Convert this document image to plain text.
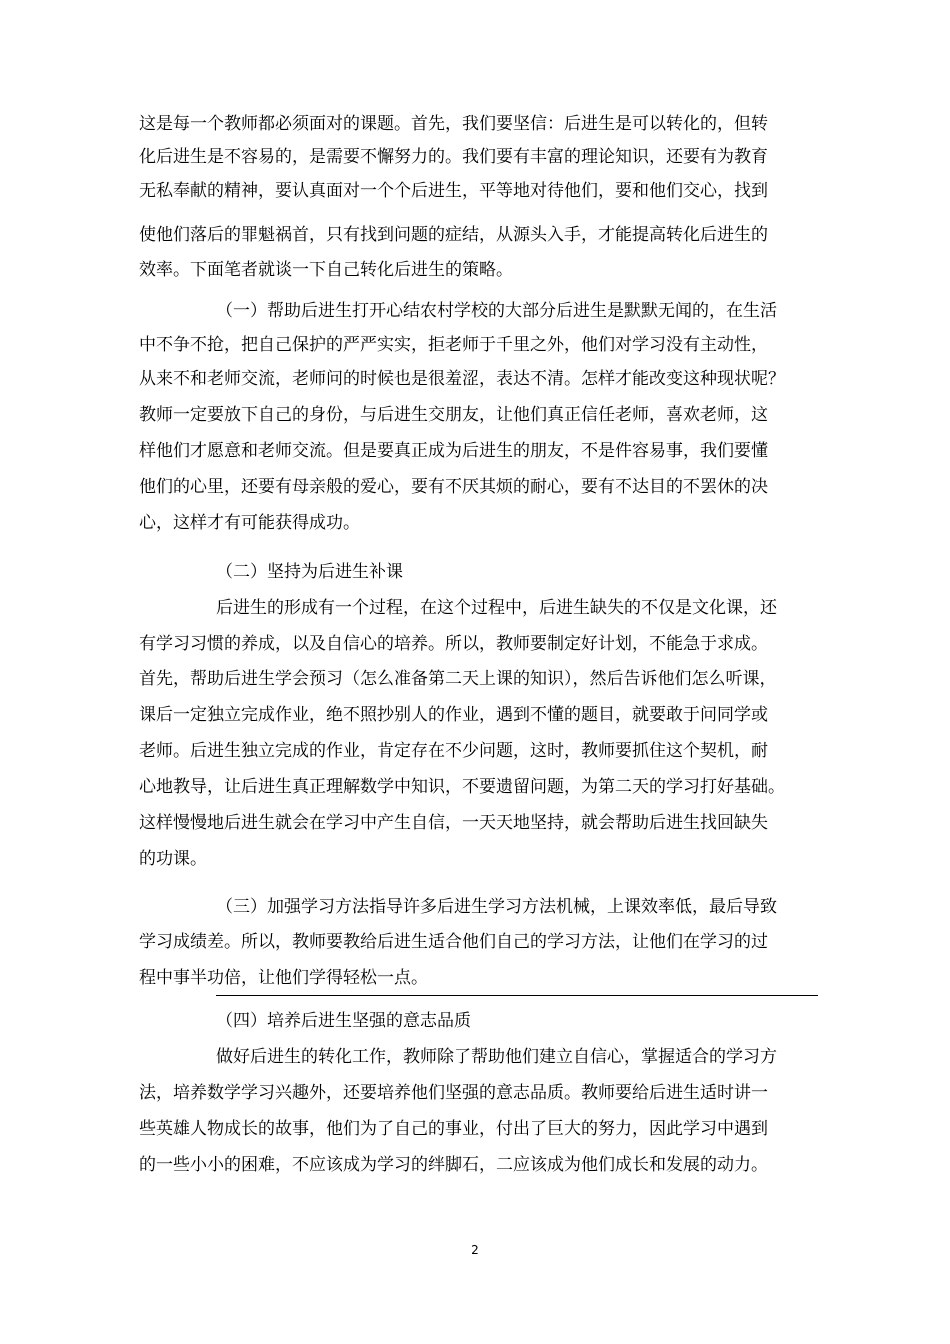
这是每一个教师都必须面对的课题。首先，我们要坚信：后进生是可以转化的，但转
化后进生是不容易的，是需要不懈努力的。我们要有丰富的理论知识，还要有为教育
无私奉献的精神，要认真面对一个个后进生，平等地对待他们，要和他们交心，找到
使他们落后的罪魁祸首，只有找到问题的症结，从源头入手，才能提高转化后进生的
效率。下面笔者就谈一下自己转化后进生的策略。
（一）帮助后进生打开心结农村学校的大部分后进生是默默无闻的，在生活
中不争不抢，把自己保护的严严实实，拒老师于千里之外，他们对学习没有主动性，
从来不和老师交流，老师问的时候也是很羞涩，表达不清。怎样才能改变这种现状呢？
教师一定要放下自己的身份，与后进生交朋友，让他们真正信任老师，喜欢老师，这
样他们才愿意和老师交流。但是要真正成为后进生的朋友，不是件容易事，我们要懂
他们的心里，还要有母亲般的爱心，要有不厌其烦的耐心，要有不达目的不罢休的决
心，这样才有可能获得成功。
（二）坚持为后进生补课
后进生的形成有一个过程，在这个过程中，后进生缺失的不仅是文化课，还
有学习习惯的养成，以及自信心的培养。所以，教师要制定好计划，不能急于求成。
首先，帮助后进生学会预习（怎么准备第二天上课的知识），然后告诉他们怎么听课，
课后一定独立完成作业，绝不照抄别人的作业，遇到不懂的题目，就要敢于问同学或
老师。后进生独立完成的作业，肯定存在不少问题，这时，教师要抓住这个契机，耐
心地教导，让后进生真正理解数学中知识，不要遗留问题，为第二天的学习打好基础。
这样慢慢地后进生就会在学习中产生自信，一天天地坚持，就会帮助后进生找回缺失
的功课。
（三）加强学习方法指导许多后进生学习方法机械，上课效率低，最后导致
学习成绩差。所以，教师要教给后进生适合他们自己的学习方法，让他们在学习的过
程中事半功倍，让他们学得轻松一点。
（四）培养后进生坚强的意志品质
做好后进生的转化工作，教师除了帮助他们建立自信心，掌握适合的学习方
法，培养数学学习兴趣外，还要培养他们坚强的意志品质。教师要给后进生适时讲一
些英雄人物成长的故事，他们为了自己的事业，付出了巨大的努力，因此学习中遇到
的一些小小的困难，不应该成为学习的绊脚石，二应该成为他们成长和发展的动力。
2
